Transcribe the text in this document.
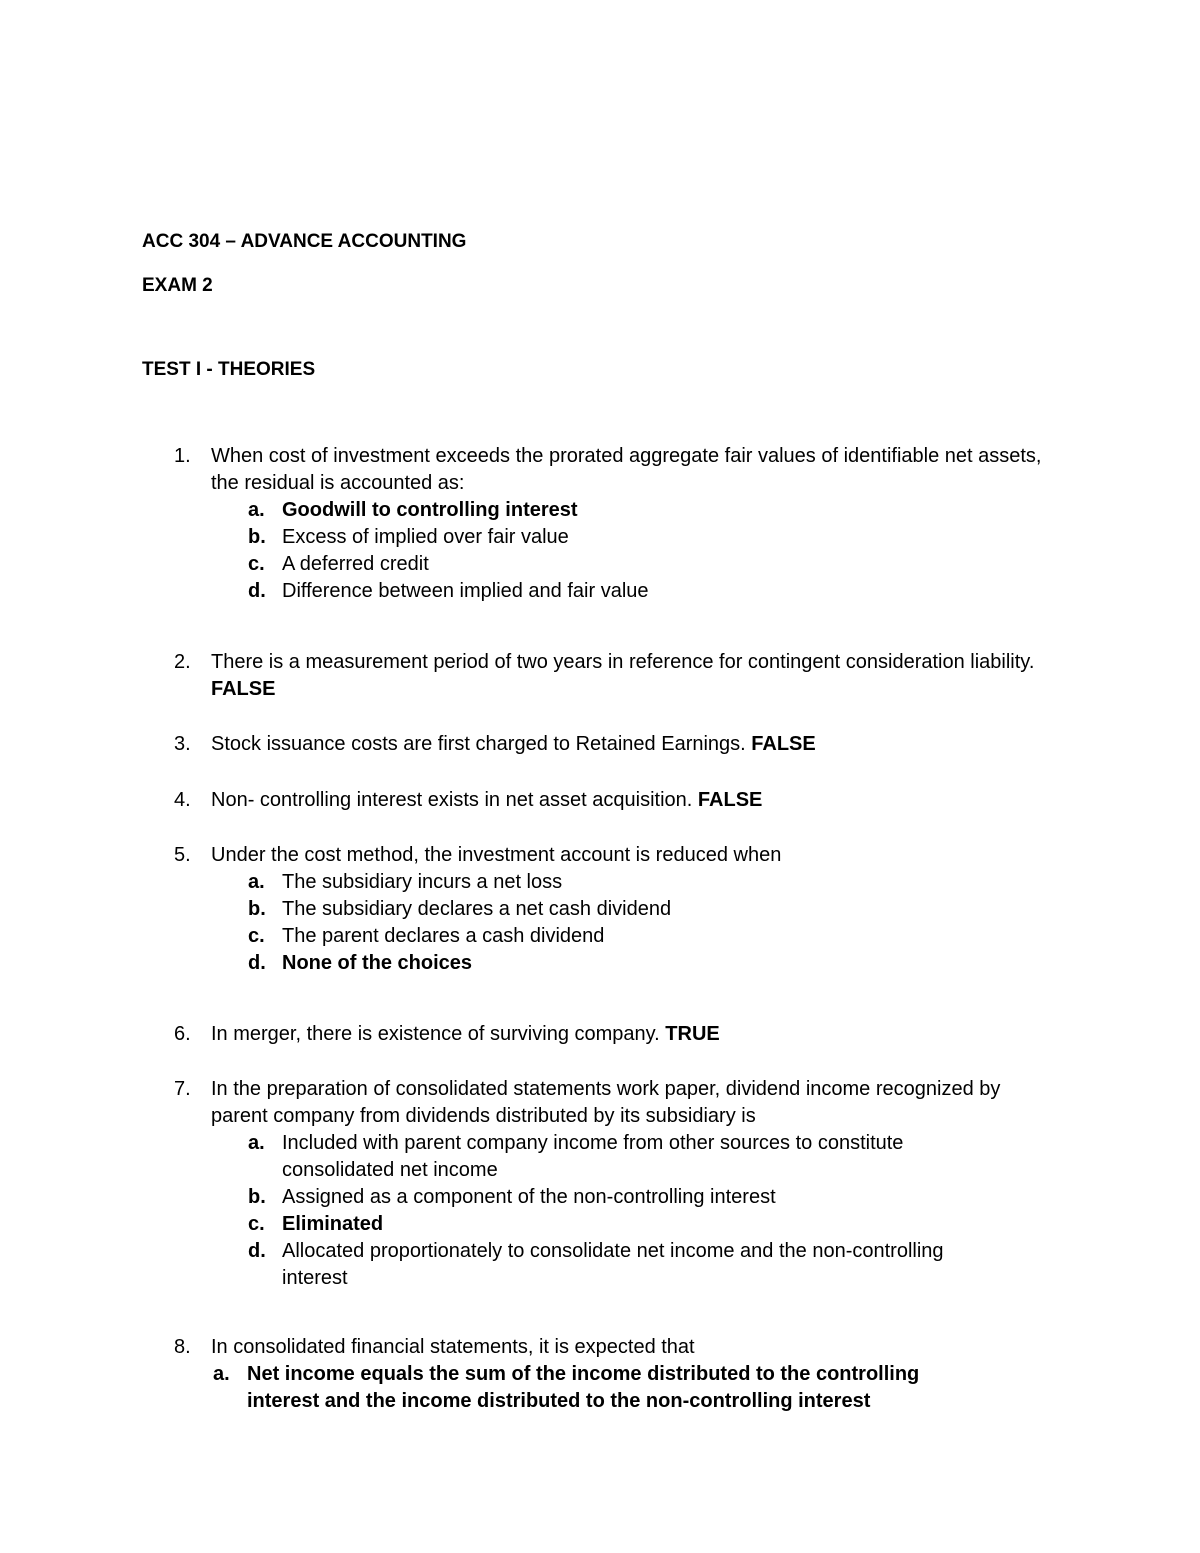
ACC 304 – ADVANCE ACCOUNTING
EXAM 2
TEST I - THEORIES
1. When cost of investment exceeds the prorated aggregate fair values of identifiable net assets, the residual is accounted as:
a. Goodwill to controlling interest
b. Excess of implied over fair value
c. A deferred credit
d. Difference between implied and fair value
2. There is a measurement period of two years in reference for contingent consideration liability. FALSE
3. Stock issuance costs are first charged to Retained Earnings. FALSE
4. Non- controlling interest exists in net asset acquisition. FALSE
5. Under the cost method, the investment account is reduced when
a. The subsidiary incurs a net loss
b. The subsidiary declares a net cash dividend
c. The parent declares a cash dividend
d. None of the choices
6. In merger, there is existence of surviving company. TRUE
7. In the preparation of consolidated statements work paper, dividend income recognized by parent company from dividends distributed by its subsidiary is
a. Included with parent company income from other sources to constitute consolidated net income
b. Assigned as a component of the non-controlling interest
c. Eliminated
d. Allocated proportionately to consolidate net income and the non-controlling interest
8. In consolidated financial statements, it is expected that
a. Net income equals the sum of the income distributed to the controlling interest and the income distributed to the non-controlling interest
